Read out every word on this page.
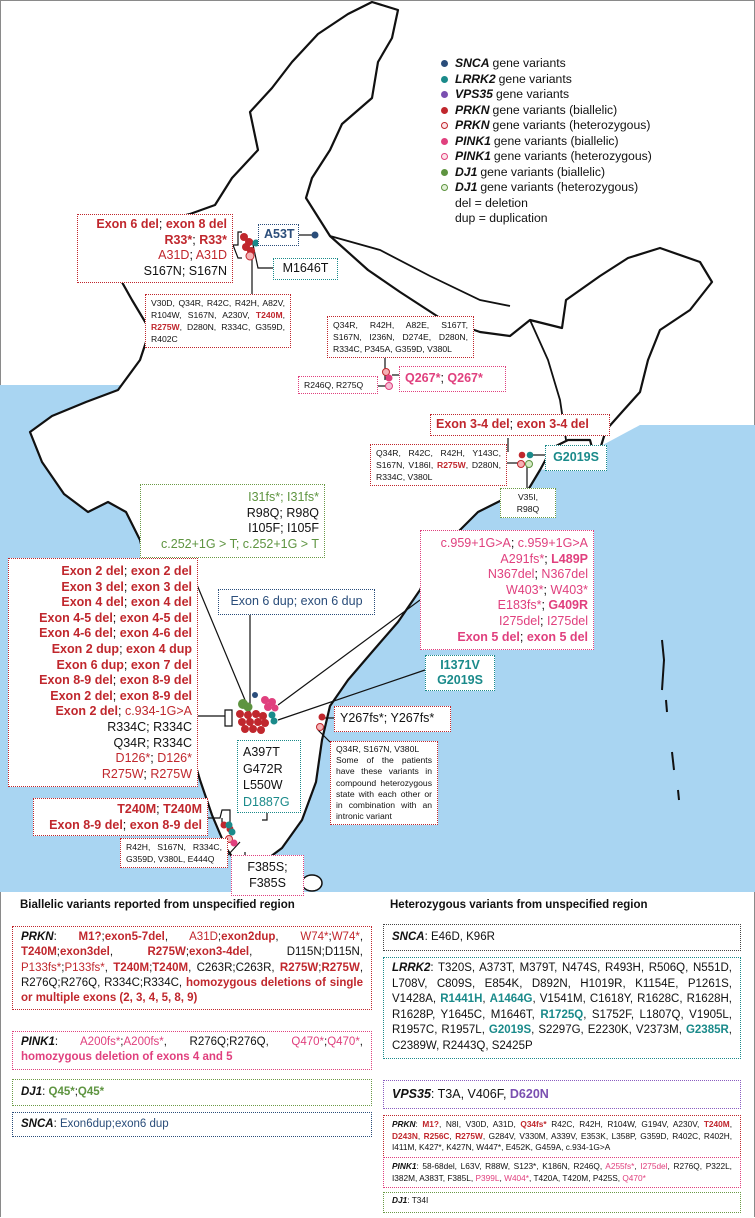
SNCA gene variants
LRRK2 gene variants
VPS35 gene variants
PRKN gene variants (biallelic)
PRKN gene variants (heterozygous)
PINK1 gene variants (biallelic)
PINK1 gene variants (heterozygous)
DJ1 gene variants (biallelic)
DJ1 gene variants (heterozygous)
del = deletion
dup = duplication
Exon 6 del; exon 8 del
R33*; R33*
A31D; A31D
S167N; S167N
A53T
M1646T
V30D, Q34R, R42C, R42H, A82V, R104W, S167N, A230V, T240M, R275W, D280N, R334C, G359D, R402C
Q34R, R42H, A82E, S167T, S167N, I236N, D274E, D280N, R334C, P345A, G359D, V380L
R246Q, R275Q	Q267*; Q267*
Exon 3-4 del; exon 3-4 del
Q34R, R42C, R42H, Y143C, S167N, V186I, R275W, D280N, R334C, V380L
G2019S
V35I, R98Q
I31fs*; I31fs*
R98Q; R98Q
I105F; I105F
c.252+1G > T; c.252+1G > T
Exon 6 dup; exon 6 dup
Exon 2 del; exon 2 del
Exon 3 del; exon 3 del
Exon 4 del; exon 4 del
Exon 4-5 del; exon 4-5 del
Exon 4-6 del; exon 4-6 del
Exon 2 dup; exon 4 dup
Exon 6 dup; exon 7 del
Exon 8-9 del; exon 8-9 del
Exon 2 del; exon 8-9 del
Exon 2 del; c.934-1G>A
R334C; R334C
Q34R; R334C
D126*; D126*
R275W; R275W
c.959+1G>A; c.959+1G>A
A291fs*; L489P
N367del; N367del
W403*; W403*
E183fs*; G409R
I275del; I275del
Exon 5 del; exon 5 del
I1371V
G2019S
Y267fs*; Y267fs*
Q34R, S167N, V380L
Some of the patients have these variants in compound heterozygous state with each other or in combination with an intronic variant
A397T
G472R
L550W
D1887G
T240M; T240M
Exon 8-9 del; exon 8-9 del
R42H, S167N, R334C, G359D, V380L, E444Q
F385S; F385S
Biallelic variants reported from unspecified region	Heterozygous variants from unspecified region
PRKN: M1?;exon5-7del, A31D;exon2dup, W74*;W74*, T240M;exon3del, R275W;exon3-4del, D115N;D115N, P133fs*;P133fs*, T240M;T240M, C263R;C263R, R275W;R275W, R276Q;R276Q, R334C;R334C, homozygous deletions of single or multiple exons (2, 3, 4, 5, 8, 9)
PINK1: A200fs*;A200fs*, R276Q;R276Q, Q470*;Q470*, homozygous deletion of exons 4 and 5
DJ1: Q45*;Q45*
SNCA: Exon6dup;exon6 dup
SNCA: E46D, K96R
LRRK2: T320S, A373T, M379T, N474S, R493H, R506Q, N551D, L708V, C809S, E854K, D892N, H1019R, K1154E, P1261S, V1428A, R1441H, A1464G, V1541M, C1618Y, R1628C, R1628H, R1628P, Y1645C, M1646T, R1725Q, S1752F, L1807Q, V1905L, R1957C, R1957L, G2019S, S2297G, E2230K, V2373M, G2385R, C2389W, R2443Q, S2425P
VPS35: T3A, V406F, D620N
PRKN: M1?, N8I, V30D, A31D, Q34fs* R42C, R42H, R104W, G194V, A230V, T240M, D243N, R256C, R275W, G284V, V330M, A339V, E353K, L358P, G359D, R402C, R402H, I411M, K427*, K427N, W447*, E452K, G459A, c.934-1G>A
PINK1: 58-68del, L63V, R88W, S123*, K186N, R246Q, A255fs*, I275del, R276Q, P322L, I382M, A383T, F385L, P399L, W404*, T420A, T420M, P425S, Q470*
DJ1: T34I
